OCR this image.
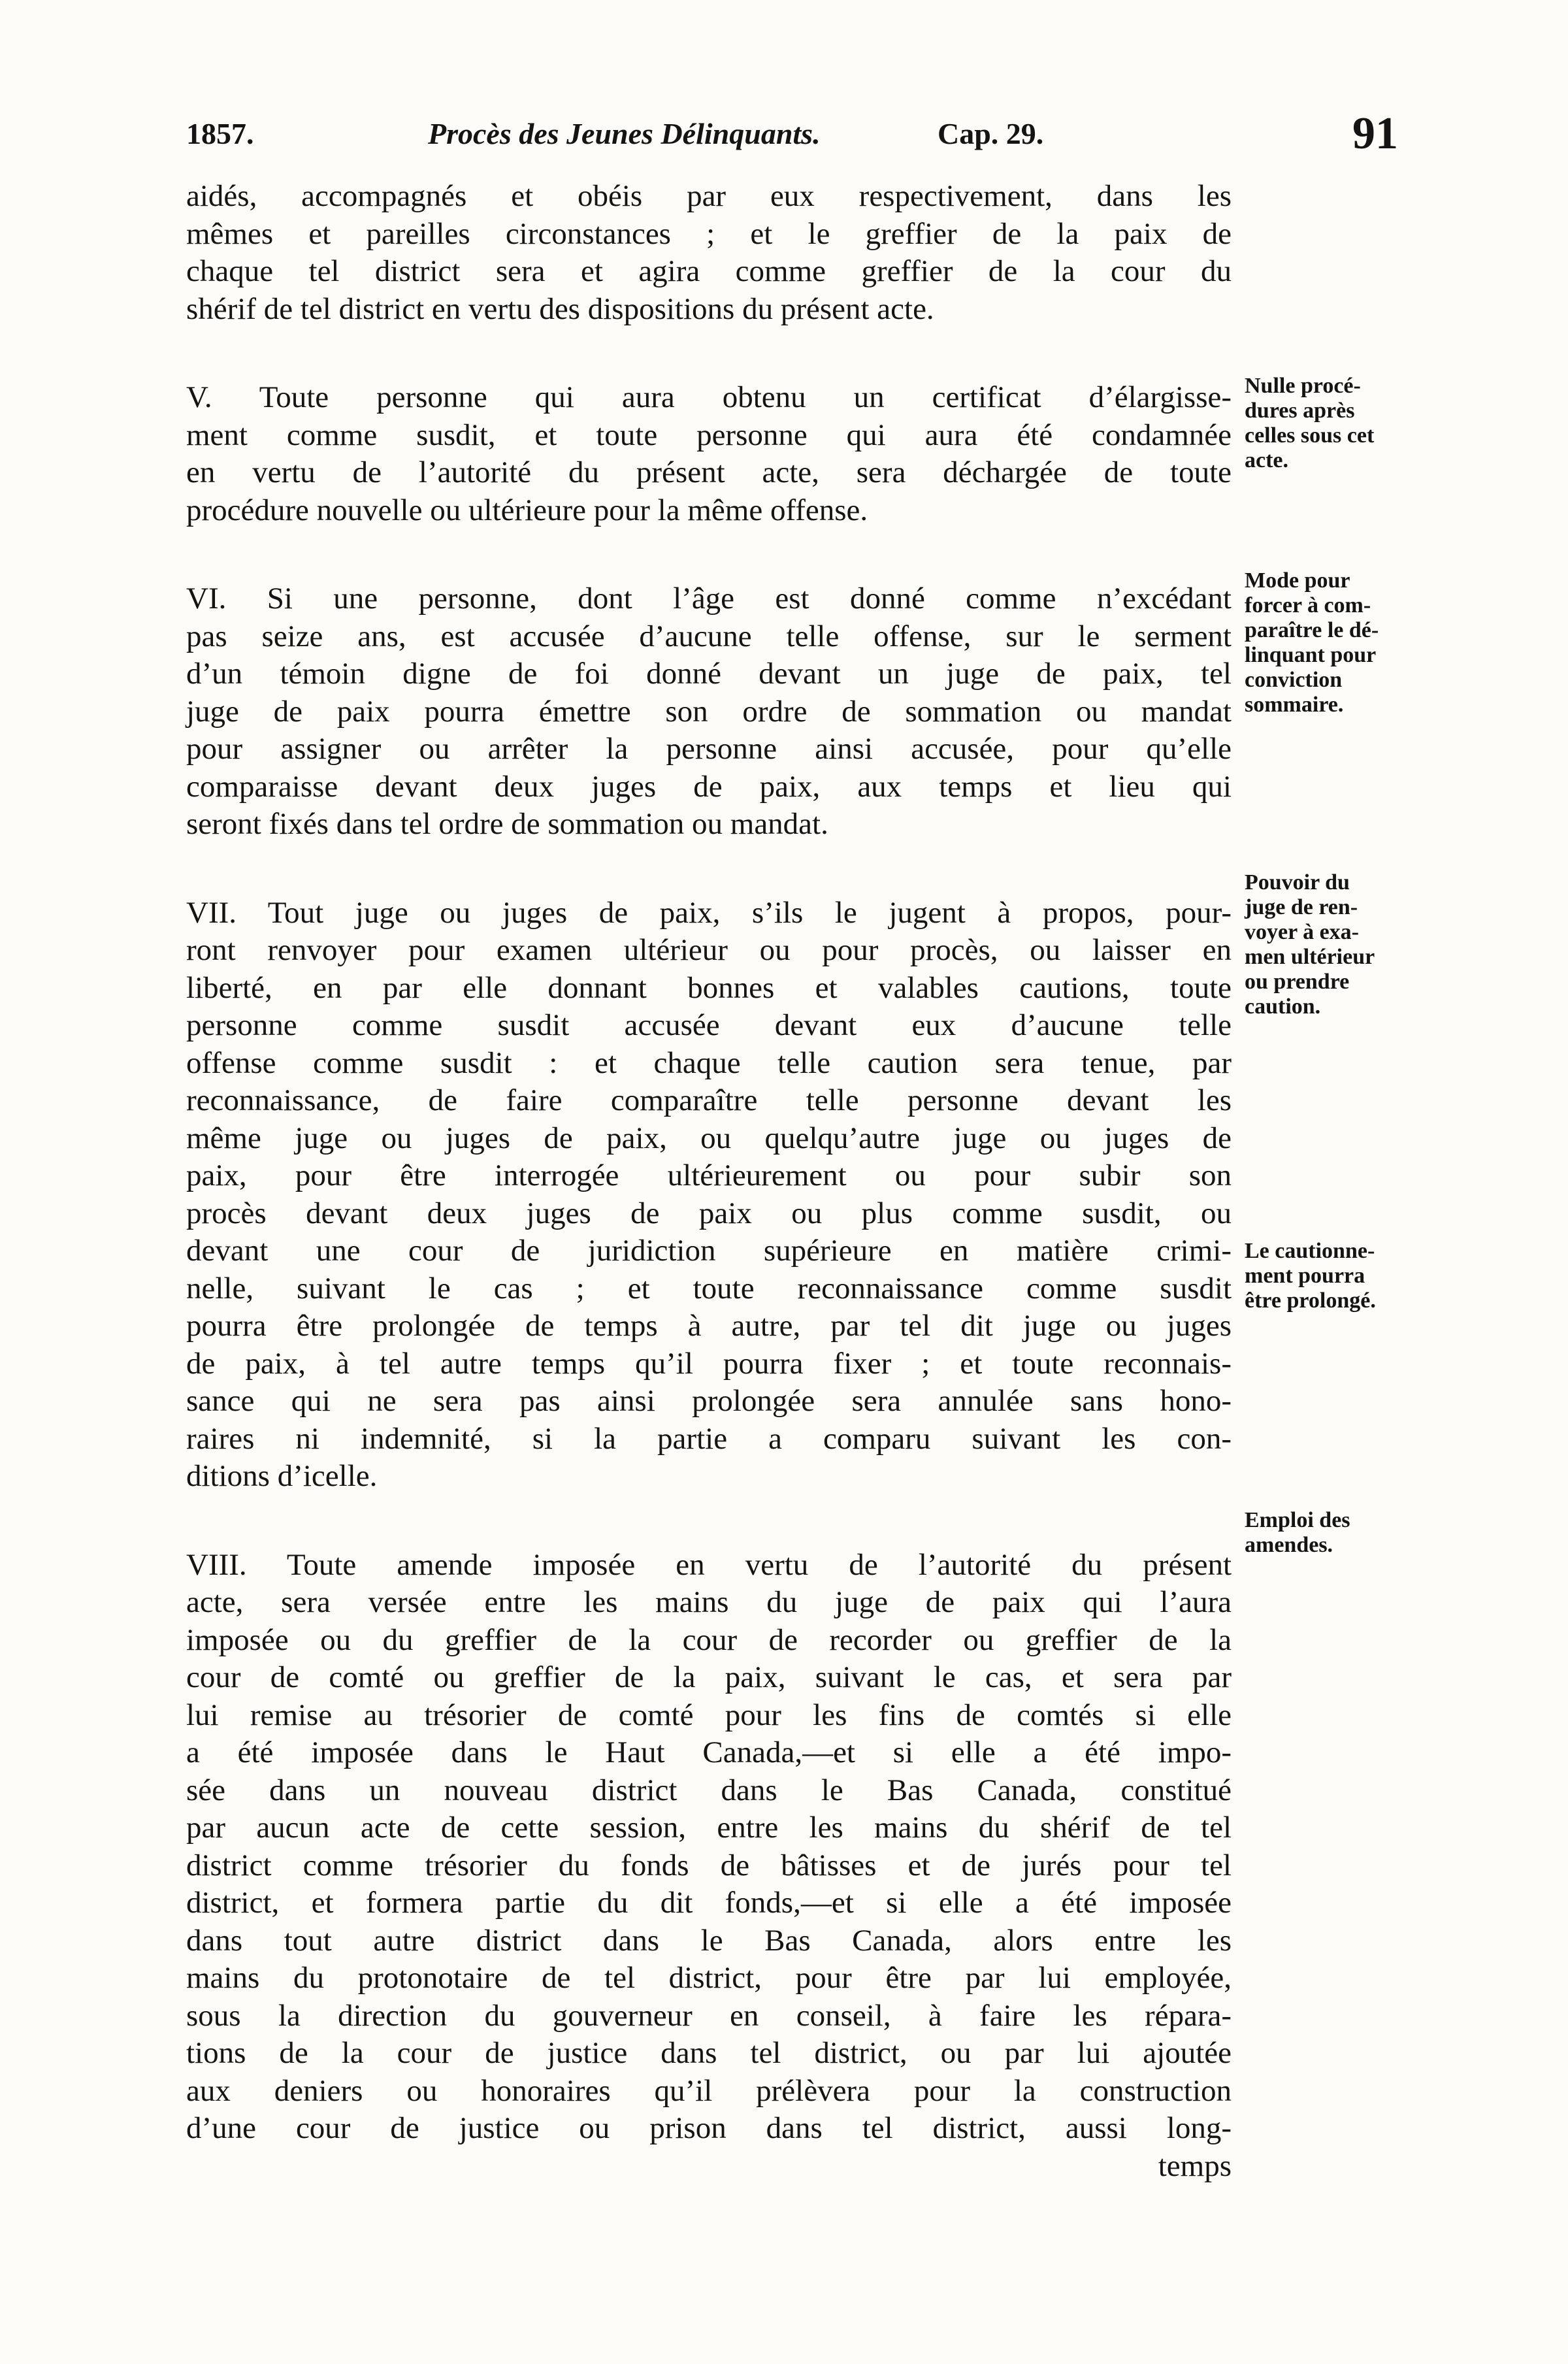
1857.	Procès des Jeunes Délinquants.	Cap. 29.	91

aidés, accompagnés et obéis par eux respectivement, dans les
mêmes et pareilles circonstances ; et le greffier de la paix de
chaque tel district sera et agira comme greffier de la cour du
shérif de tel district en vertu des dispositions du présent acte.

V. Toute personne qui aura obtenu un certificat d’élargisse-
ment comme susdit, et toute personne qui aura été condamnée
en vertu de l’autorité du présent acte, sera déchargée de toute
procédure nouvelle ou ultérieure pour la même offense.

VI. Si une personne, dont l’âge est donné comme n’excédant
pas seize ans, est accusée d’aucune telle offense, sur le serment
d’un témoin digne de foi donné devant un juge de paix, tel
juge de paix pourra émettre son ordre de sommation ou mandat
pour assigner ou arrêter la personne ainsi accusée, pour qu’elle
comparaisse devant deux juges de paix, aux temps et lieu qui
seront fixés dans tel ordre de sommation ou mandat.

VII. Tout juge ou juges de paix, s’ils le jugent à propos, pour-
ront renvoyer pour examen ultérieur ou pour procès, ou laisser en
liberté, en par elle donnant bonnes et valables cautions, toute
personne comme susdit accusée devant eux d’aucune telle
offense comme susdit : et chaque telle caution sera tenue, par
reconnaissance, de faire comparaître telle personne devant les
même juge ou juges de paix, ou quelqu’autre juge ou juges de
paix, pour être interrogée ultérieurement ou pour subir son
procès devant deux juges de paix ou plus comme susdit, ou
devant une cour de juridiction supérieure en matière crimi-
nelle, suivant le cas ; et toute reconnaissance comme susdit
pourra être prolongée de temps à autre, par tel dit juge ou juges
de paix, à tel autre temps qu’il pourra fixer ; et toute reconnais-
sance qui ne sera pas ainsi prolongée sera annulée sans hono-
raires ni indemnité, si la partie a comparu suivant les con-
ditions d’icelle.

VIII. Toute amende imposée en vertu de l’autorité du présent
acte, sera versée entre les mains du juge de paix qui l’aura
imposée ou du greffier de la cour de recorder ou greffier de la
cour de comté ou greffier de la paix, suivant le cas, et sera par
lui remise au trésorier de comté pour les fins de comtés si elle
a été imposée dans le Haut Canada,—et si elle a été impo-
sée dans un nouveau district dans le Bas Canada, constitué
par aucun acte de cette session, entre les mains du shérif de tel
district comme trésorier du fonds de bâtisses et de jurés pour tel
district, et formera partie du dit fonds,—et si elle a été imposée
dans tout autre district dans le Bas Canada, alors entre les
mains du protonotaire de tel district, pour être par lui employée,
sous la direction du gouverneur en conseil, à faire les répara-
tions de la cour de justice dans tel district, ou par lui ajoutée
aux deniers ou honoraires qu’il prélèvera pour la construction
d’une cour de justice ou prison dans tel district, aussi long-
temps

Nulle procé-
dures après
celles sous cet
acte.
Mode pour
forcer à com-
paraître le dé-
linquant pour
conviction
sommaire.
Pouvoir du
juge de ren-
voyer à exa-
men ultérieur
ou prendre
caution.
Le cautionne-
ment pourra
être prolongé.
Emploi des
amendes.
